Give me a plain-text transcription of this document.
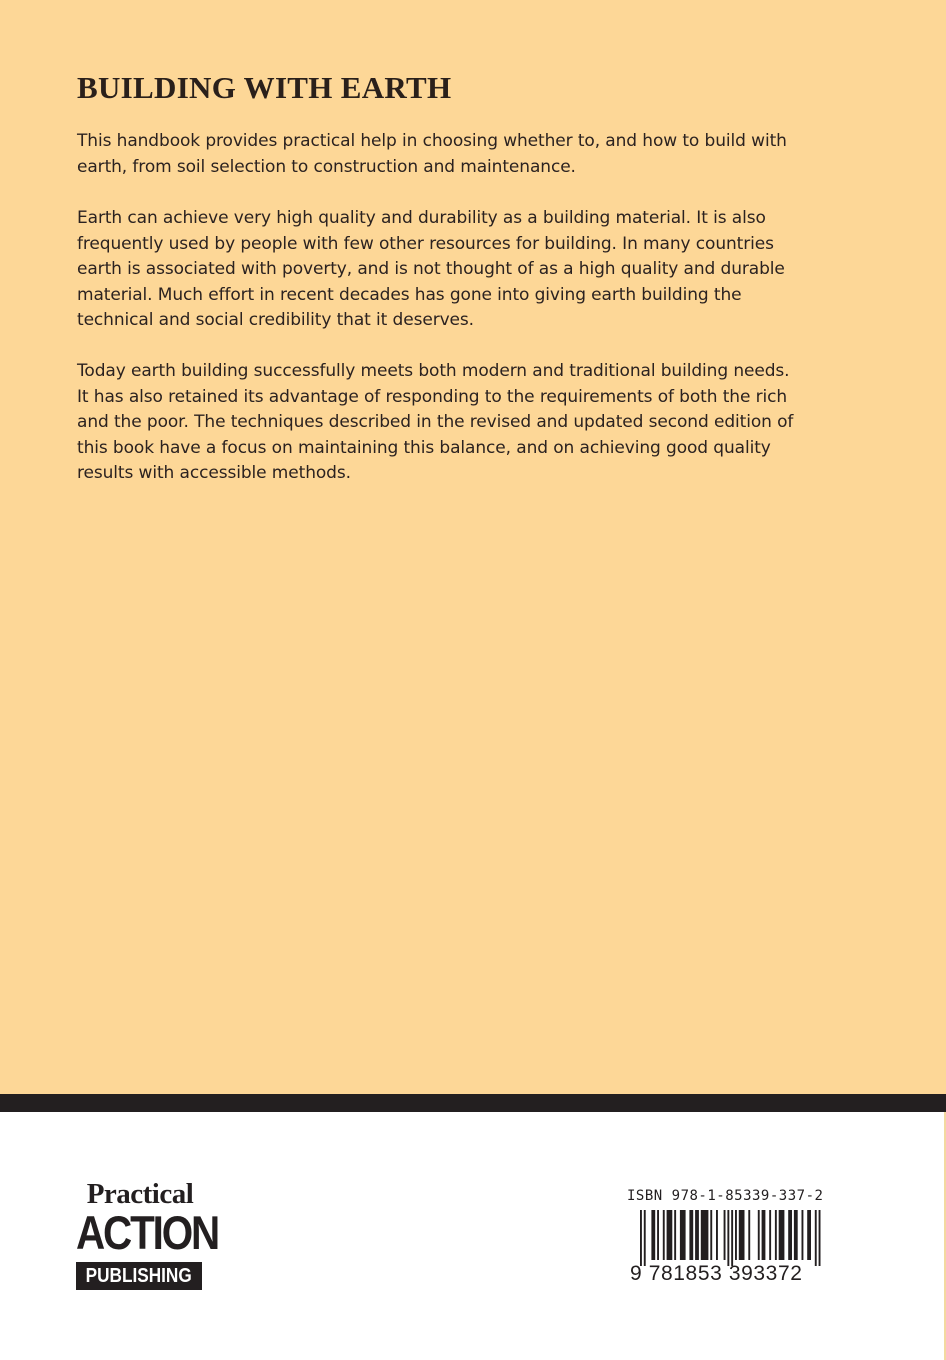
BUILDING WITH EARTH

This handbook provides practical help in choosing whether to, and how to build with earth, from soil selection to construction and maintenance.

Earth can achieve very high quality and durability as a building material. It is also frequently used by people with few other resources for building. In many countries earth is associated with poverty, and is not thought of as a high quality and durable material. Much effort in recent decades has gone into giving earth building the technical and social credibility that it deserves.

Today earth building successfully meets both modern and traditional building needs. It has also retained its advantage of responding to the requirements of both the rich and the poor. The techniques described in the revised and updated second edition of this book have a focus on maintaining this balance, and on achieving good quality results with accessible methods.

Practical
ACTION
PUBLISHING
ISBN 978-1-85339-337-2
9 781853 393372
